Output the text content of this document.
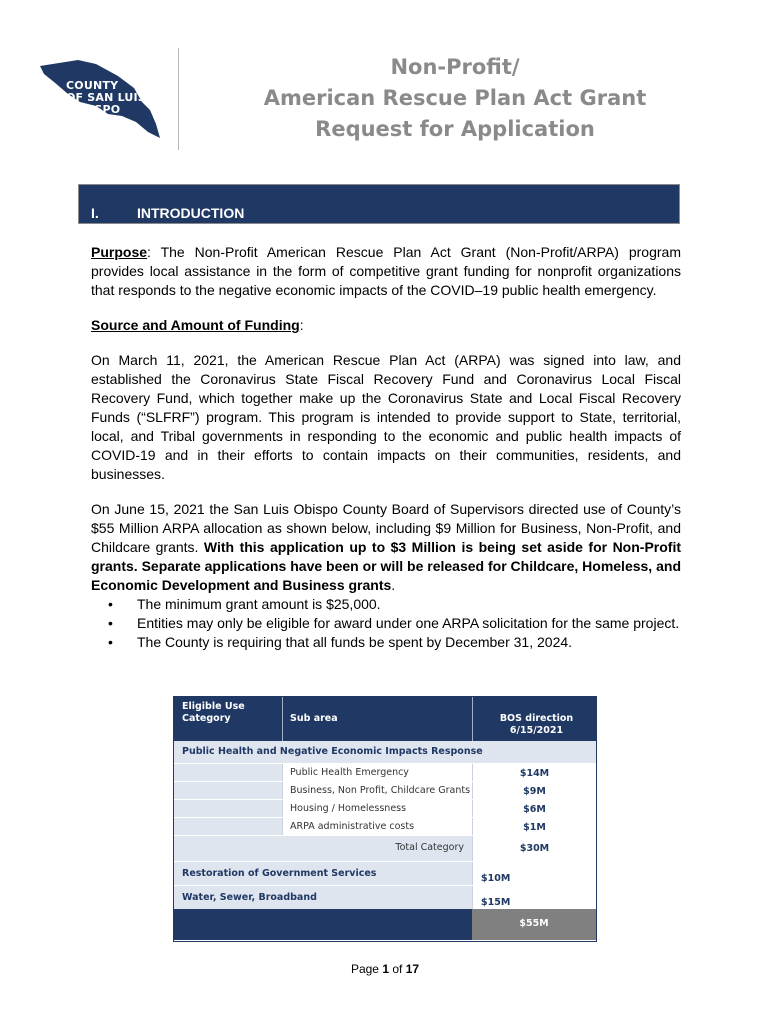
COUNTY
OF SAN LUIS
OBISPO
Non-Profit/
American Rescue Plan Act Grant
Request for Application
I.	INTRODUCTION

Purpose: The Non-Profit American Rescue Plan Act Grant (Non-Profit/ARPA) program provides local assistance in the form of competitive grant funding for nonprofit organizations that responds to the negative economic impacts of the COVID–19 public health emergency.

Source and Amount of Funding:

On March 11, 2021, the American Rescue Plan Act (ARPA) was signed into law, and established the Coronavirus State Fiscal Recovery Fund and Coronavirus Local Fiscal Recovery Fund, which together make up the Coronavirus State and Local Fiscal Recovery Funds (“SLFRF”) program. This program is intended to provide support to State, territorial, local, and Tribal governments in responding to the economic and public health impacts of COVID-19 and in their efforts to contain impacts on their communities, residents, and businesses.

On June 15, 2021 the San Luis Obispo County Board of Supervisors directed use of County’s $55 Million ARPA allocation as shown below, including $9 Million for Business, Non-Profit, and Childcare grants. With this application up to $3 Million is being set aside for Non-Profit grants. Separate applications have been or will be released for Childcare, Homeless, and Economic Development and Business grants.

• The minimum grant amount is $25,000.
• Entities may only be eligible for award under one ARPA solicitation for the same project.
• The County is requiring that all funds be spent by December 31, 2024.
Eligible Use
Category	Sub area	BOS direction
6/15/2021
Public Health and Negative Economic Impacts Response
Public Health Emergency	$14M
Business, Non Profit, Childcare Grants	$9M
Housing / Homelessness	$6M
ARPA administrative costs	$1M
Total Category	$30M
Restoration of Government Services	$10M
Water, Sewer, Broadband	$15M
$55M
Page 1 of 17
